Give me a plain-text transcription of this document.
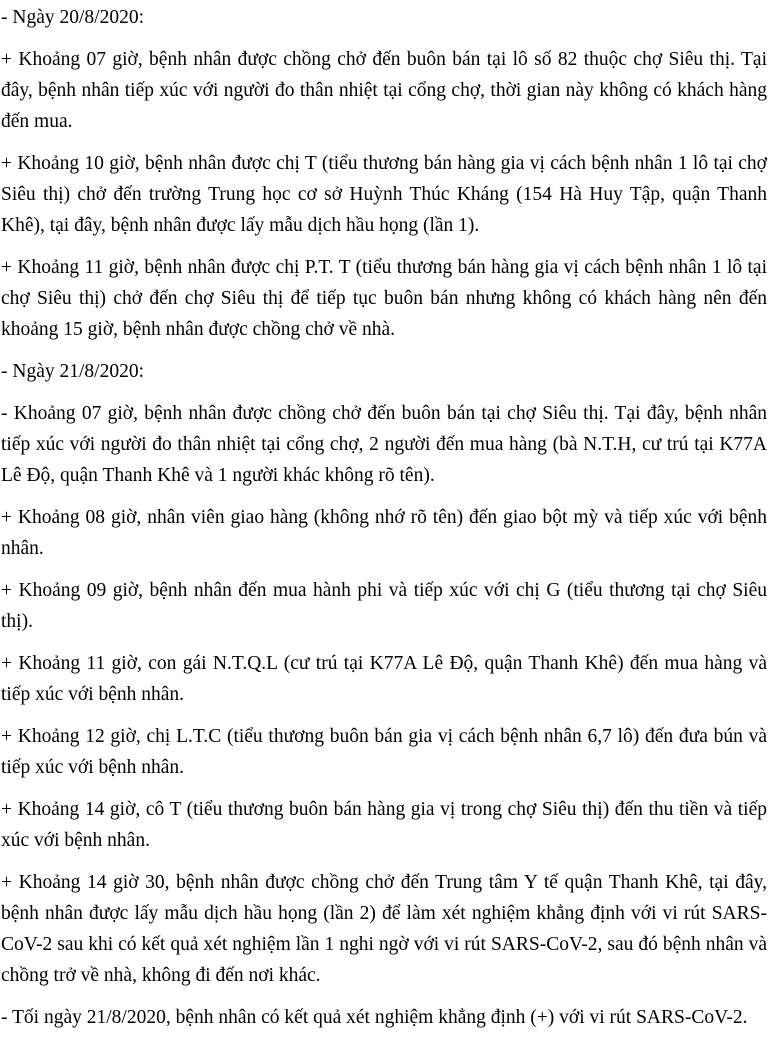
- Ngày 20/8/2020:

+ Khoảng 07 giờ, bệnh nhân được chồng chở đến buôn bán tại lô số 82 thuộc chợ Siêu thị. Tại đây, bệnh nhân tiếp xúc với người đo thân nhiệt tại cổng chợ, thời gian này không có khách hàng đến mua.

+ Khoảng 10 giờ, bệnh nhân được chị T (tiểu thương bán hàng gia vị cách bệnh nhân 1 lô tại chợ Siêu thị) chở đến trường Trung học cơ sở Huỳnh Thúc Kháng (154 Hà Huy Tập, quận Thanh Khê), tại đây, bệnh nhân được lấy mẫu dịch hầu họng (lần 1).

+ Khoảng 11 giờ, bệnh nhân được chị P.T. T (tiểu thương bán hàng gia vị cách bệnh nhân 1 lô tại chợ Siêu thị) chở đến chợ Siêu thị để tiếp tục buôn bán nhưng không có khách hàng nên đến khoảng 15 giờ, bệnh nhân được chồng chở về nhà.

- Ngày 21/8/2020:

- Khoảng 07 giờ, bệnh nhân được chồng chở đến buôn bán tại chợ Siêu thị. Tại đây, bệnh nhân tiếp xúc với người đo thân nhiệt tại cổng chợ, 2 người đến mua hàng (bà N.T.H, cư trú tại K77A Lê Độ, quận Thanh Khê và 1 người khác không rõ tên).

+ Khoảng 08 giờ, nhân viên giao hàng (không nhớ rõ tên) đến giao bột mỳ và tiếp xúc với bệnh nhân.

+ Khoảng 09 giờ, bệnh nhân đến mua hành phi và tiếp xúc với chị G (tiểu thương tại chợ Siêu thị).

+ Khoảng 11 giờ, con gái N.T.Q.L (cư trú tại K77A Lê Độ, quận Thanh Khê) đến mua hàng và tiếp xúc với bệnh nhân.

+ Khoảng 12 giờ, chị L.T.C (tiểu thương buôn bán gia vị cách bệnh nhân 6,7 lô) đến đưa bún và tiếp xúc với bệnh nhân.

+ Khoảng 14 giờ, cô T (tiểu thương buôn bán hàng gia vị trong chợ Siêu thị) đến thu tiền và tiếp xúc với bệnh nhân.

+ Khoảng 14 giờ 30, bệnh nhân được chồng chở đến Trung tâm Y tế quận Thanh Khê, tại đây, bệnh nhân được lấy mẫu dịch hầu họng (lần 2) để làm xét nghiệm khẳng định với vi rút SARS-CoV-2 sau khi có kết quả xét nghiệm lần 1 nghi ngờ với vi rút SARS-CoV-2, sau đó bệnh nhân và chồng trở về nhà, không đi đến nơi khác.

- Tối ngày 21/8/2020, bệnh nhân có kết quả xét nghiệm khẳng định (+) với vi rút SARS-CoV-2.
